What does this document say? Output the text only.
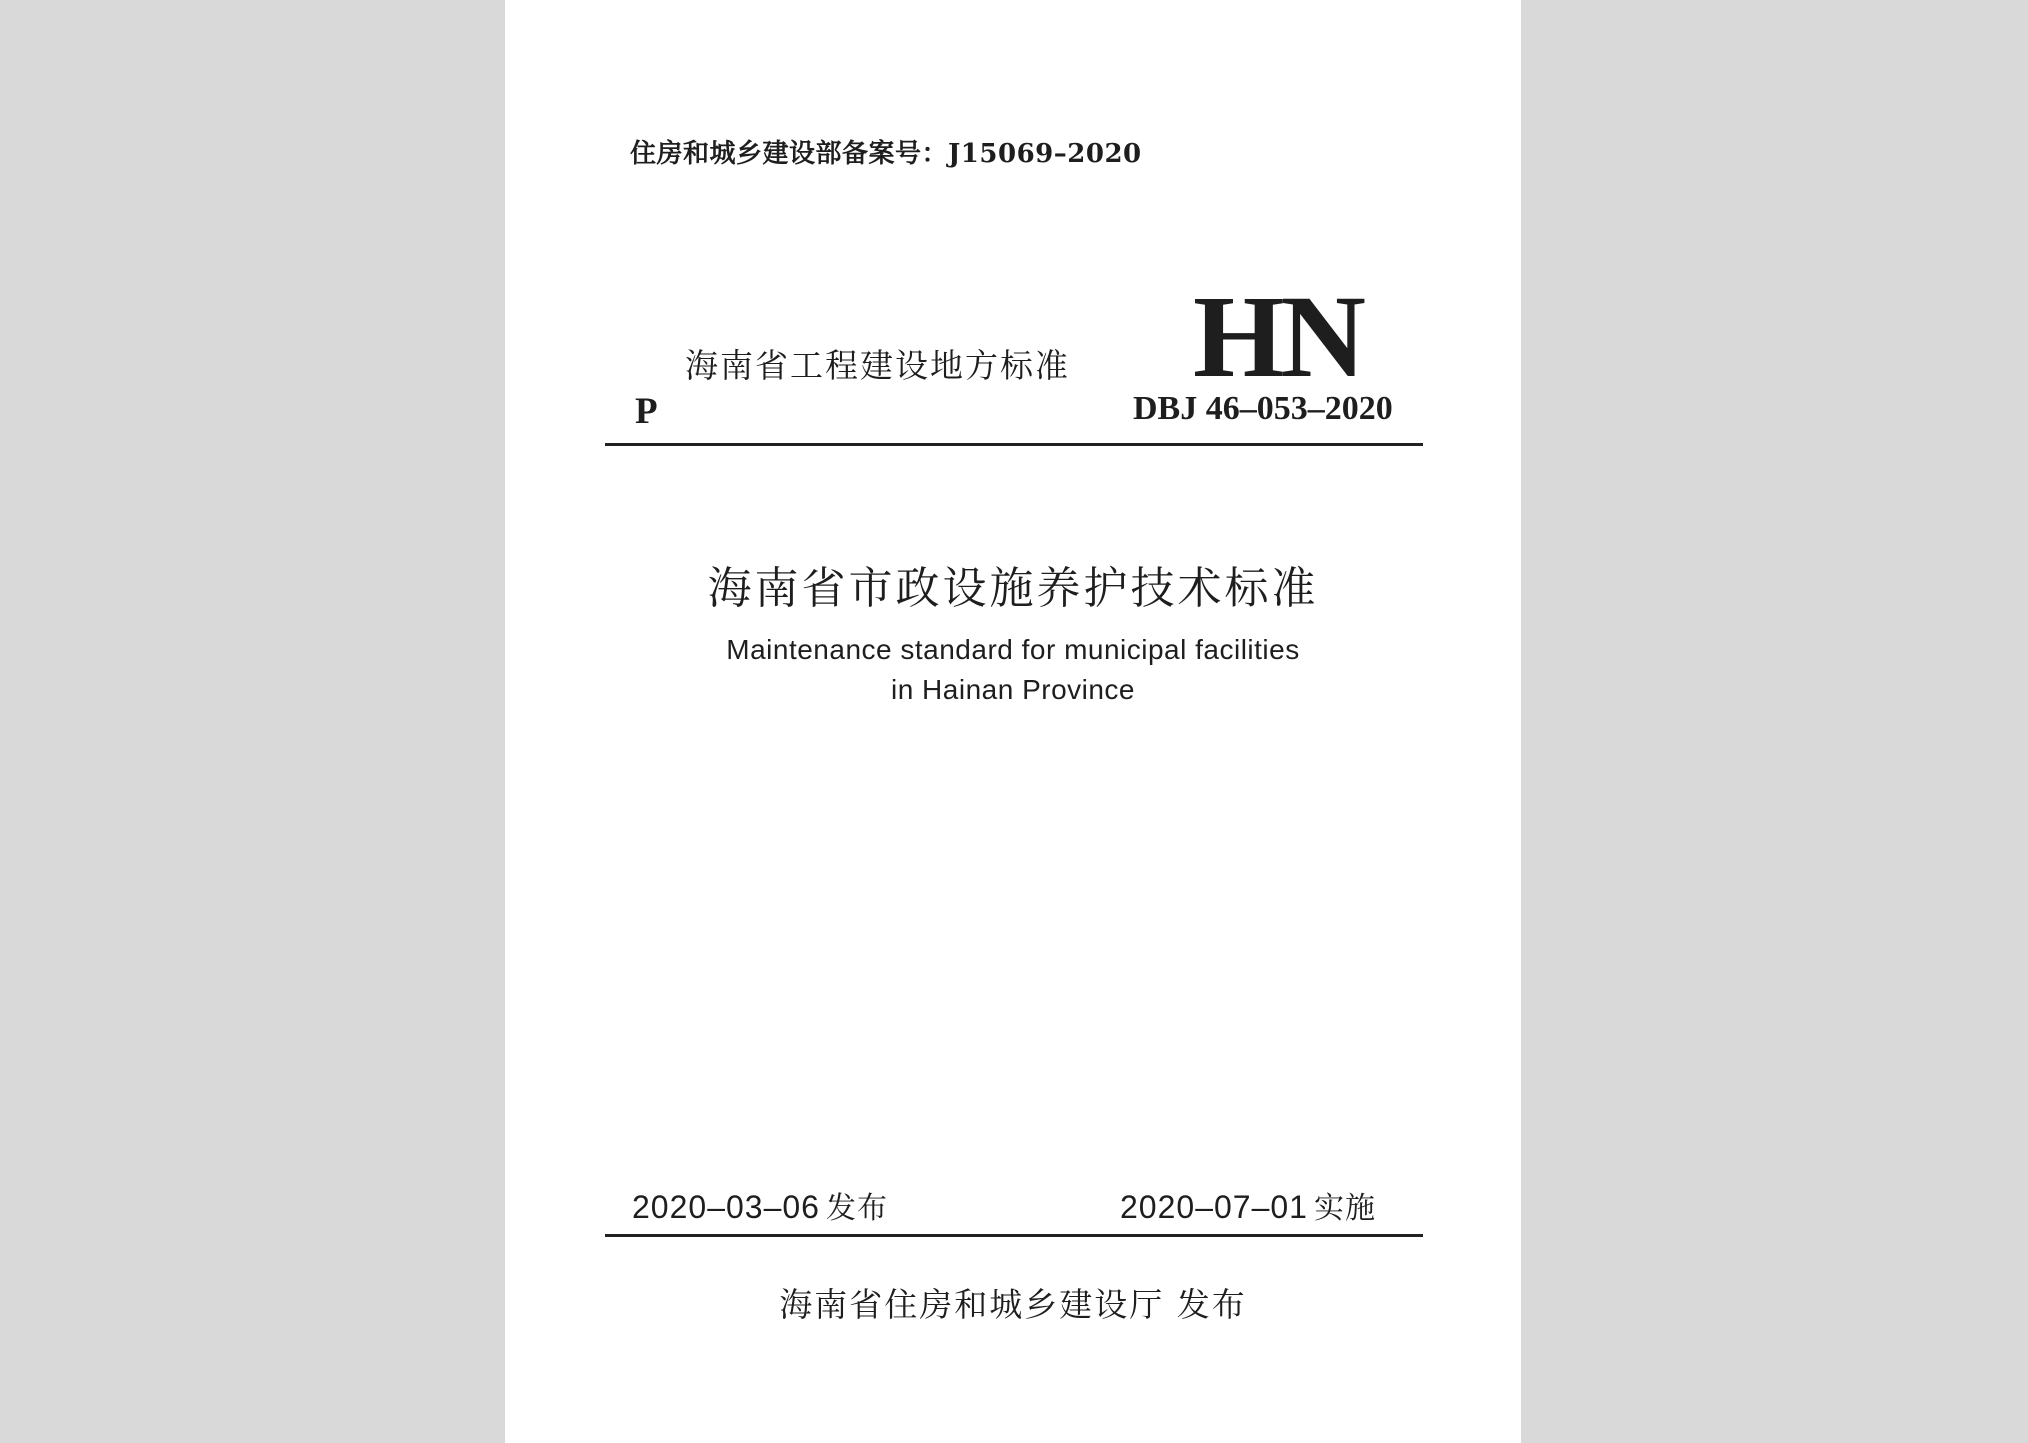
住房和城乡建设部备案号：J15069–2020
海南省工程建设地方标准 HN
P	DBJ 46–053–2020
海南省市政设施养护技术标准
Maintenance standard for municipal facilities
in Hainan Province
2020–03–06 发布	2020–07–01 实施
海南省住房和城乡建设厅 发布
